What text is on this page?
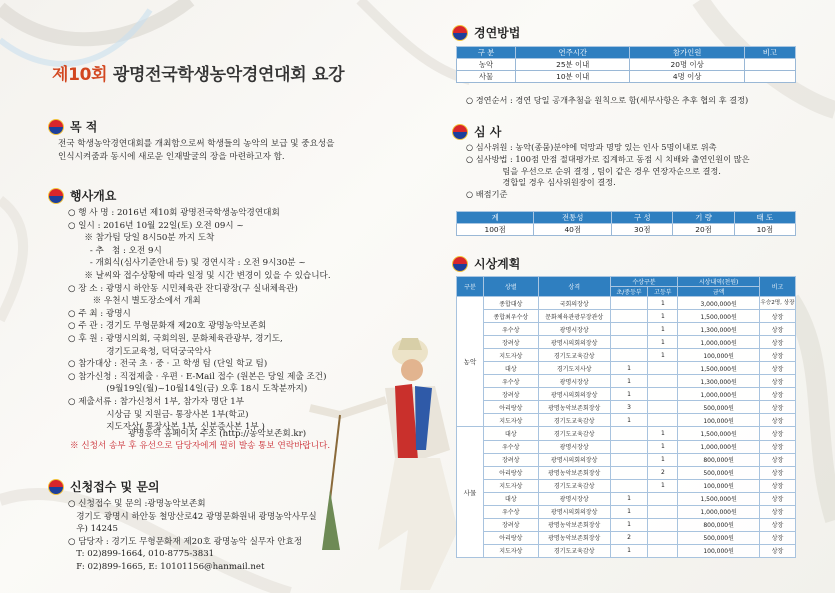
제10회 광명전국학생농악경연대회 요강
목 적
전국 학생농악경연대회를 개최함으로써 학생들의 농악의 보급 및 중요성을
인식시켜줌과 동시에 새로운 인재발굴의 장을 마련하고자 함.
행사개요
○ 행 사 명 : 2016년 제10회 광명전국학생농악경연대회
○ 일시 : 2016년 10월 22일(토) 오전 09시 ~
※ 참가팀 당일 8시50분 까지 도착
- 추   첨 : 오전 9시
- 개회식(심사기준안내 등) 및 경연시작 : 오전 9시30분 ~
※ 날씨와 접수상황에 따라 일정 및 시간 변경이 있을 수 있습니다.
○ 장 소 : 광명시 하안동 시민체육관 잔디광장(구 실내체육관)
※ 우천시 별도장소에서 개최
○ 주 최 : 광명시
○ 주 관 : 경기도 무형문화재 제20호 광명농악보존회
○ 후 원 : 광명시의회, 국회의원, 문화체육관광부, 경기도,
경기도교육청, 덕덕궁국악사
○ 참가대상 : 전국 초 · 중 · 고 학생 팀 (단일 학교 팀)
○ 참가신청 : 직접제출 · 우편 · E-Mail 접수 (원본은 당일 제출 조건)
(9월19일(월)~10월14일(금) 오후 18시 도착분까지)
○ 제출서류 : 참가신청서 1부, 참가자 명단 1부
시상금 및 지원금- 통장사본 1부(학교)
지도자상( 통장사본 1부, 신분증사본 1부 )
광명농악 홈페이지 주소 (http://농악보존회.kr)
※ 신청서 송부 후 유선으로 담당자에게 필히 발송 통보 연락바랍니다.
신청접수 및 문의
○ 신청접수 및 문의 :광명농악보존회
경기도 광명시 하안동 철망산로42 광명문화원내 광명농악사무실
우) 14245
○ 담당자 : 경기도 무형문화재 제20호 광명농악 실무자 안효정
T: 02)899-1664, 010-8775-3831
F: 02)899-1665, E: 10101156@hanmail.net
경연방법
구 분	연주시간	참가인원	비고
농악	25분 이내	20명 이상	
사물	10분 이내	4명 이상	
○ 경연순서 : 경연 당일 공개추첨을 원칙으로 함(세부사항은 추후 협의 후 결정)
심 사
○ 심사위원 : 농악(종뭄)분야에 덕망과 명망 있는 인사 5명이내로 위촉
○ 심사방법 : 100점 만점 절대평가로 집계하고 동점 시 치배와 출연인원이 많은
팀을 우선으로 순위 결정 , 팀이 같은 경우 연장자순으로 결정.
경합일 경우 심사위원장이 결정.
○ 배점기준
계	전통성	구 성	기 량	태 도
100점	40점	30점	20점	10점
시상계획
구분	상별	상격	수상구분		시상내역(천원)	비고
			초/중등부	고등부	금액	
농악	종합대상	국회의장상		1	3,000,000원	우승2명, 상장
	종합최우수상	문화체육관광부장관상		1	1,500,000원	상장
	우수상	광명시장상		1	1,300,000원	상장
	장려상	광명시의회의장상		1	1,000,000원	상장
	지도자상	경기도교육감상		1	100,000원	상장
	대상	경기도지사상	1		1,500,000원	상장
	우수상	광명시장상	1		1,300,000원	상장
	장려상	광명시의회의장상	1		1,000,000원	상장
	아리랑상	광명농악보존회장상	3		500,000원	상장
	지도자상	경기도교육감상	1		100,000원	상장
사물	대상	경기도교육감상		1	1,500,000원	상장
	우수상	광명시장상		1	1,000,000원	상장
	장려상	광명시의회의장상		1	800,000원	상장
	아리랑상	광명농악보존회장상		2	500,000원	상장
	지도자상	경기도교육감상		1	100,000원	상장
	대상	광명시장상	1		1,500,000원	상장
	우수상	광명시의회의장상	1		1,000,000원	상장
	장려상	광명농악보존회장상	1		800,000원	상장
	아리랑상	광명농악보존회장상	2		500,000원	상장
	지도자상	경기도교육감상	1		100,000원	상장
